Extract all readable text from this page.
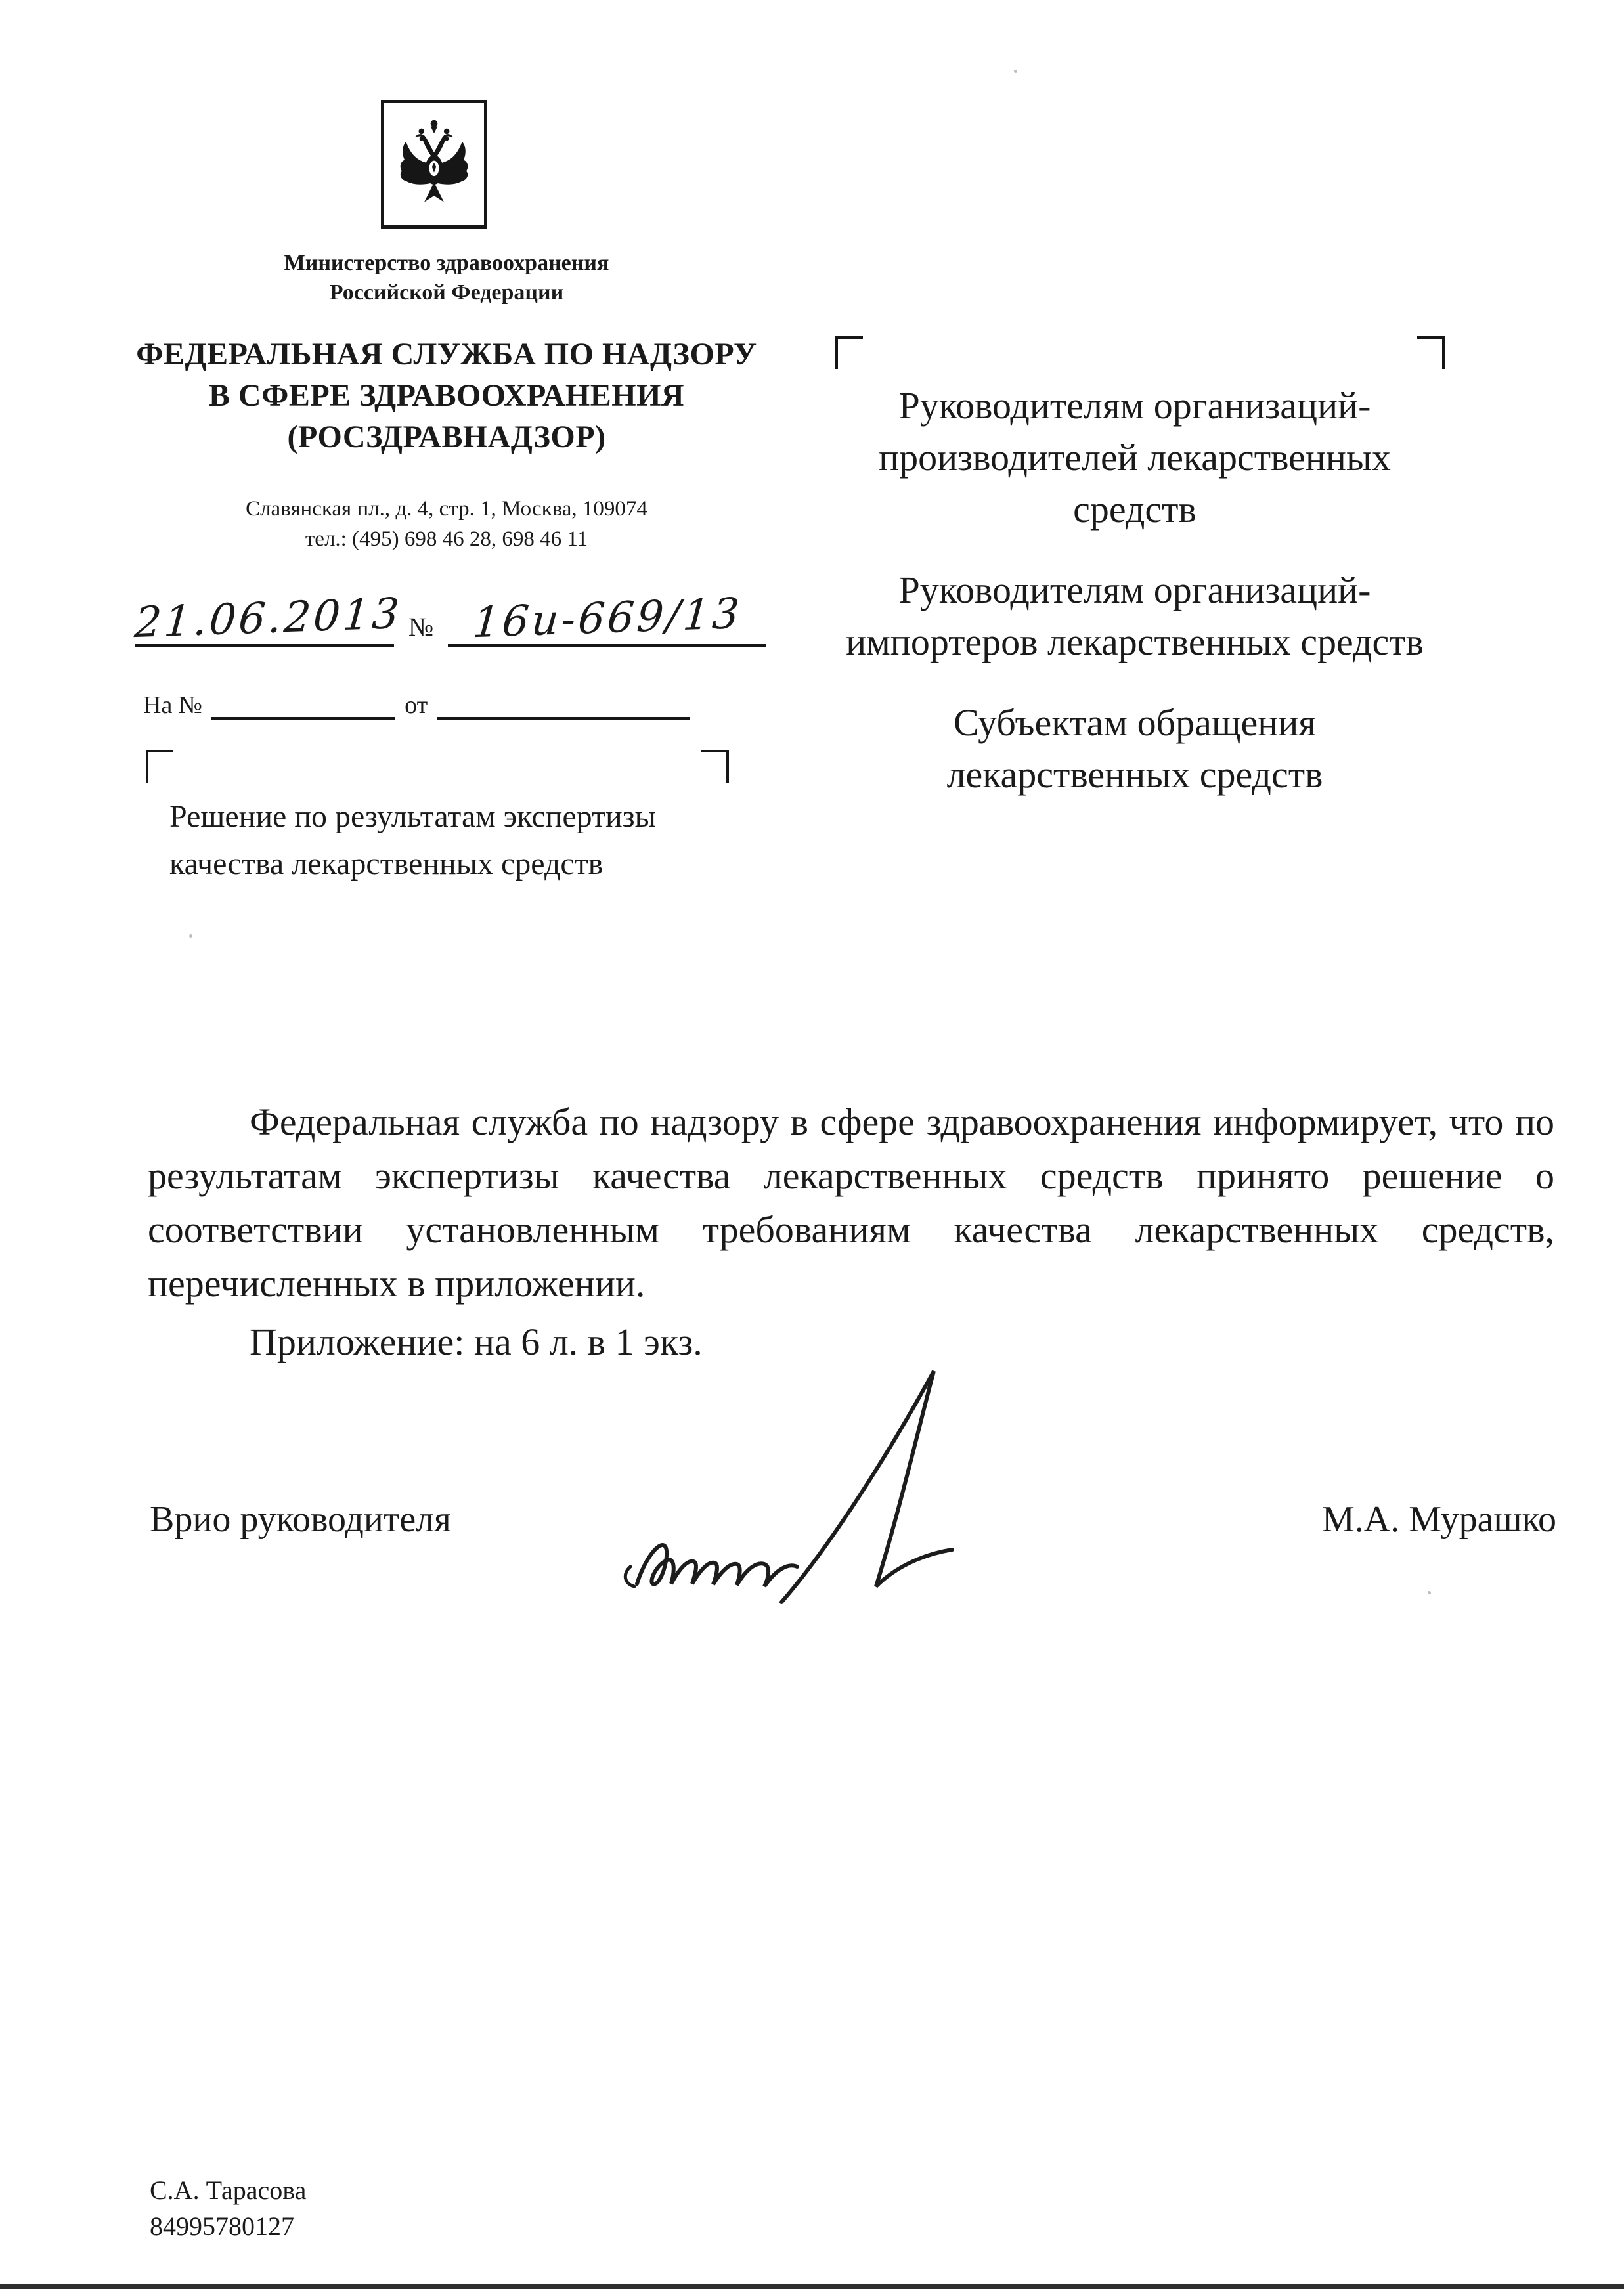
Министерство здравоохранения
Российской Федерации
ФЕДЕРАЛЬНАЯ СЛУЖБА ПО НАДЗОРУ
В СФЕРЕ ЗДРАВООХРАНЕНИЯ
(РОСЗДРАВНАДЗОР)
Славянская пл., д. 4, стр. 1, Москва, 109074
тел.: (495) 698 46 28, 698 46 11
21.06.2013 № 16и-669/13
На №	от
Решение по результатам экспертизы
качества лекарственных средств
Руководителям организаций-
производителей лекарственных
средств
Руководителям организаций-
импортеров лекарственных средств
Субъектам обращения
лекарственных средств
Федеральная служба по надзору в сфере здравоохранения информирует, что по результатам экспертизы качества лекарственных средств принято решение о соответствии установленным требованиям качества лекарственных средств, перечисленных в приложении.
Приложение: на 6 л. в 1 экз.
Врио руководителя	М.А. Мурашко
С.А. Тарасова
84995780127
